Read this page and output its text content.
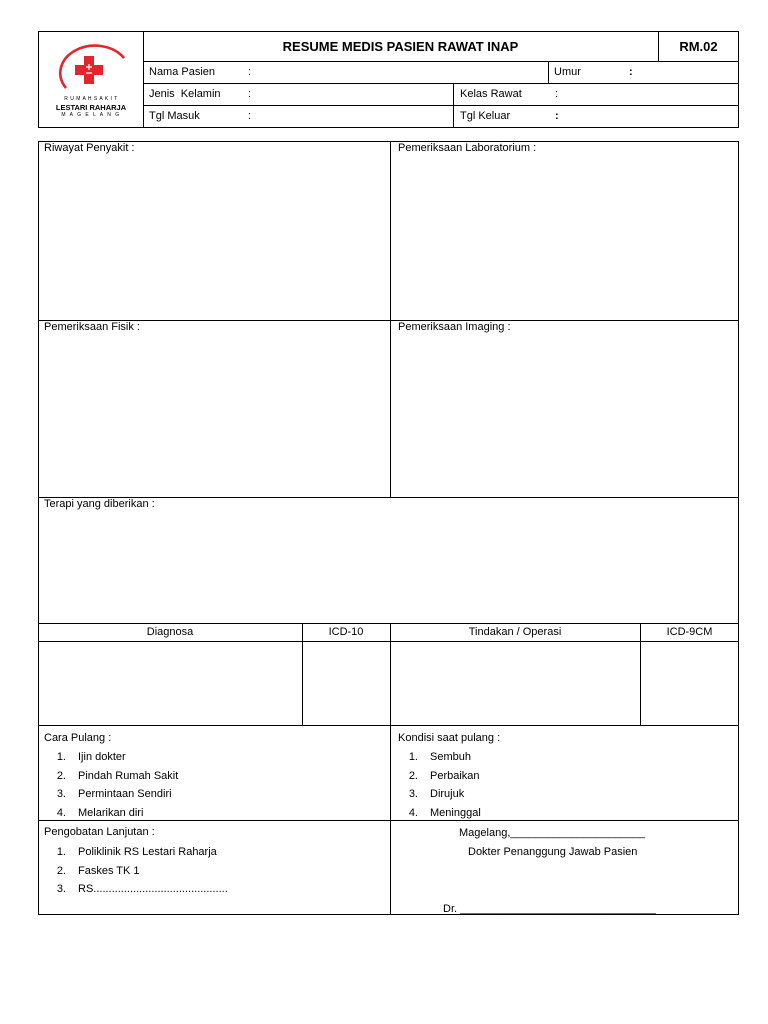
R U M A H S A K I T
LESTARI RAHARJA
M A G E L A N G
RESUME MEDIS PASIEN RAWAT INAP	RM.02
Nama Pasien	:	Umur	:
Jenis  Kelamin :	Kelas Rawat	:
Tgl Masuk	:	Tgl Keluar	:
Riwayat Penyakit :	Pemeriksaan Laboratorium :
Pemeriksaan Fisik :	Pemeriksaan Imaging :
Terapi yang diberikan :
Diagnosa	ICD-10	Tindakan / Operasi	ICD-9CM
Cara Pulang :
1. Ijin dokter
2. Pindah Rumah Sakit
3. Permintaan Sendiri
4. Melarikan diri
Kondisi saat pulang :
1. Sembuh
2. Perbaikan
3. Dirujuk
4. Meninggal
Pengobatan Lanjutan :
1. Poliklinik RS Lestari Raharja
2. Faskes TK 1
3. RS............................................
Magelang,______________________
Dokter Penanggung Jawab Pasien
Dr. ________________________________
